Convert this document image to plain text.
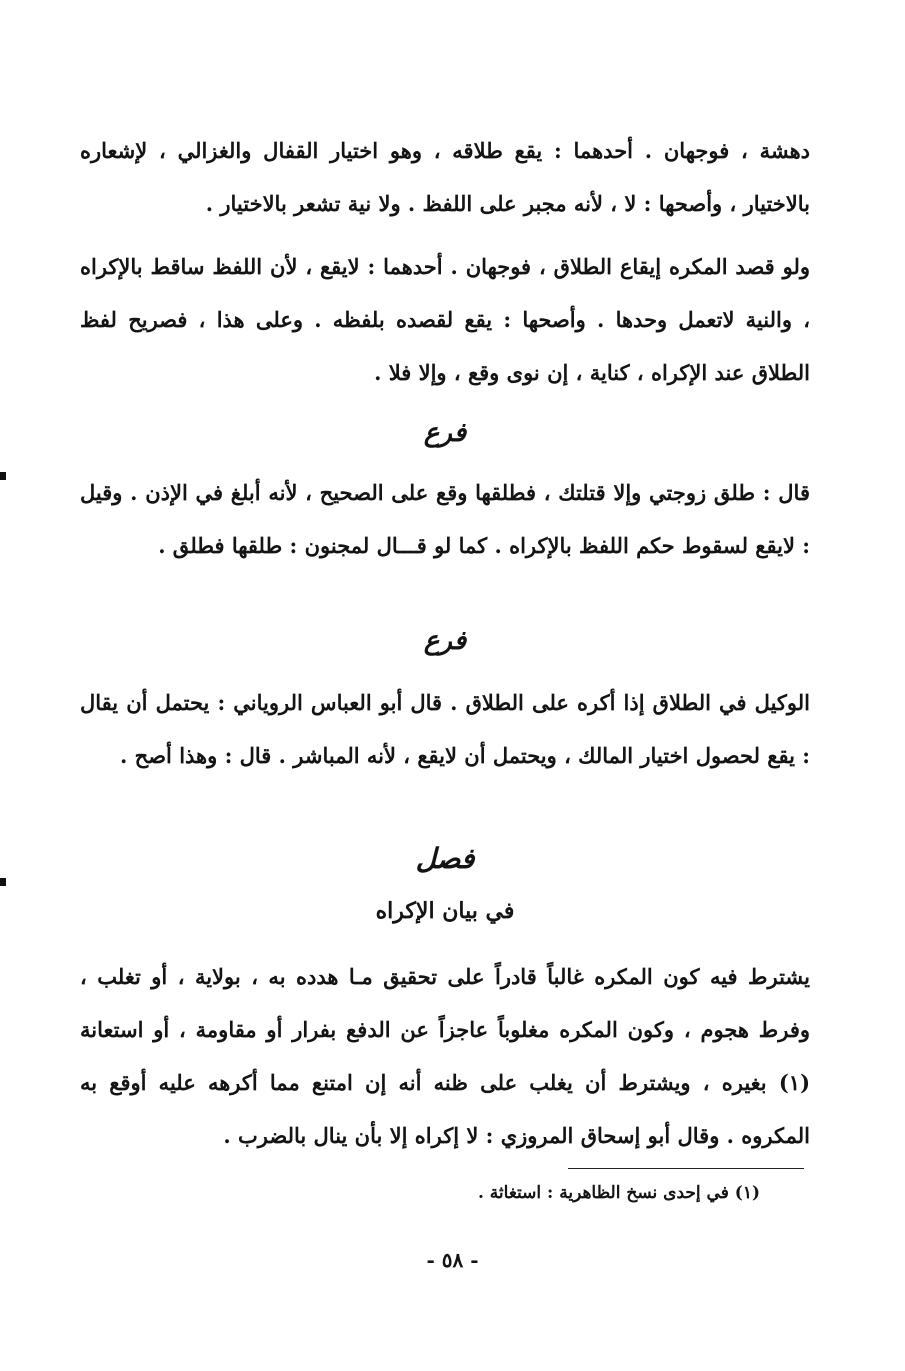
دهشة ، فوجهان . أحدهما : يقع طلاقه ، وهو اختيار القفال والغزالي ، لإشعاره بالاختيار ، وأصحها : لا ، لأنه مجبر على اللفظ . ولا نية تشعر بالاختيار .

ولو قصد المكره إيقاع الطلاق ، فوجهان . أحدهما : لايقع ، لأن اللفظ ساقط بالإكراه ، والنية لاتعمل وحدها . وأصحها : يقع لقصده بلفظه . وعلى هذا ، فصريح لفظ الطلاق عند الإكراه ، كناية ، إن نوى وقع ، وإلا فلا .

فرع

قال : طلق زوجتي وإلا قتلتك ، فطلقها وقع على الصحيح ، لأنه أبلغ في الإذن . وقيل : لايقع لسقوط حكم اللفظ بالإكراه . كما لو قـــال لمجنون : طلقها فطلق .

فرع

الوكيل في الطلاق إذا أكره على الطلاق . قال أبو العباس الروياني : يحتمل أن يقال : يقع لحصول اختيار المالك ، ويحتمل أن لايقع ، لأنه المباشر . قال : وهذا أصح .

فصل
في بيان الإكراه

يشترط فيه كون المكره غالباً قادراً على تحقيق مـا هدده به ، بولاية ، أو تغلب ، وفرط هجوم ، وكون المكره مغلوباً عاجزاً عن الدفع بفرار أو مقاومة ، أو استعانة (١) بغيره ، ويشترط أن يغلب على ظنه أنه إن امتنع مما أكرهه عليه أوقع به المكروه . وقال أبو إسحاق المروزي : لا إكراه إلا بأن ينال بالضرب .

(١) في إحدى نسخ الظاهرية : استغاثة .

- ٥٨ -
